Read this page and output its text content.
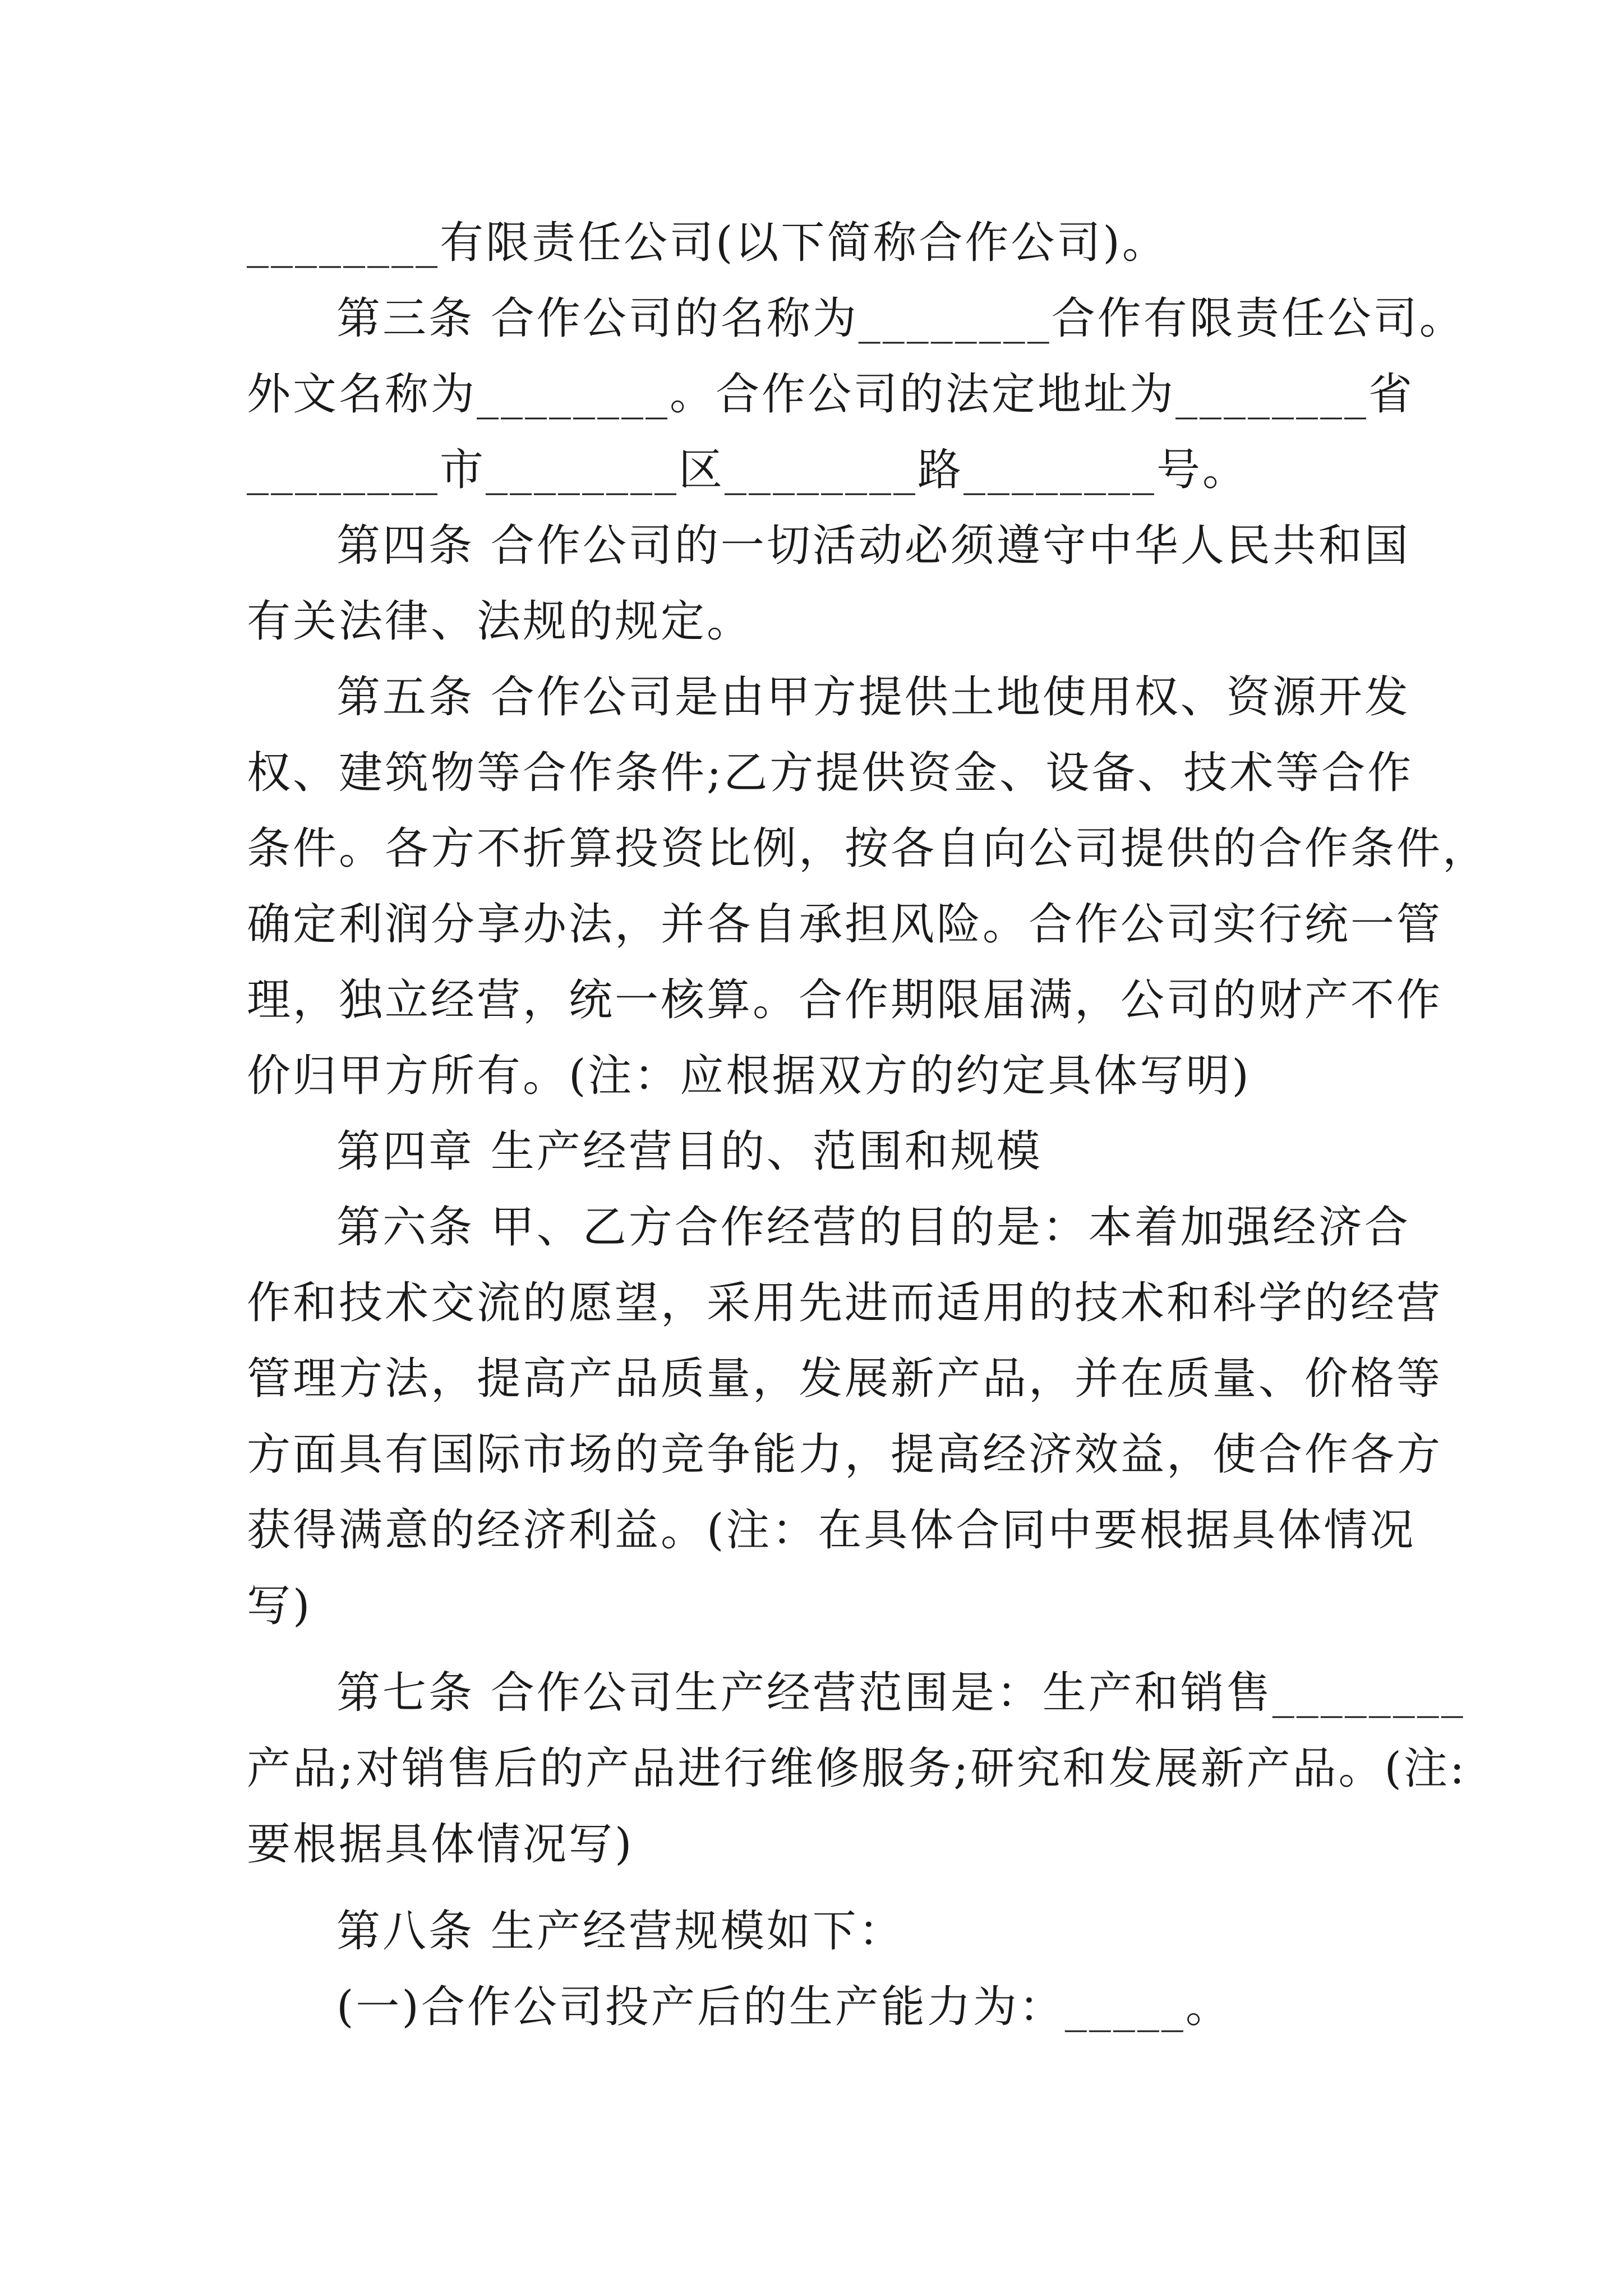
________有限责任公司(以下简称合作公司)。
第三条 合作公司的名称为________合作有限责任公司。
外文名称为________。合作公司的法定地址为________省
________市________区________路________号。
第四条 合作公司的一切活动必须遵守中华人民共和国
有关法律、法规的规定。
第五条 合作公司是由甲方提供土地使用权、资源开发
权、建筑物等合作条件;乙方提供资金、设备、技术等合作
条件。各方不折算投资比例，按各自向公司提供的合作条件，
确定利润分享办法，并各自承担风险。合作公司实行统一管
理，独立经营，统一核算。合作期限届满，公司的财产不作
价归甲方所有。(注：应根据双方的约定具体写明)
第四章 生产经营目的、范围和规模
第六条 甲、乙方合作经营的目的是：本着加强经济合
作和技术交流的愿望，采用先进而适用的技术和科学的经营
管理方法，提高产品质量，发展新产品，并在质量、价格等
方面具有国际市场的竞争能力，提高经济效益，使合作各方
获得满意的经济利益。(注：在具体合同中要根据具体情况
写)
第七条 合作公司生产经营范围是：生产和销售________
产品;对销售后的产品进行维修服务;研究和发展新产品。(注:
要根据具体情况写)
第八条 生产经营规模如下：
(一)合作公司投产后的生产能力为：_____。
